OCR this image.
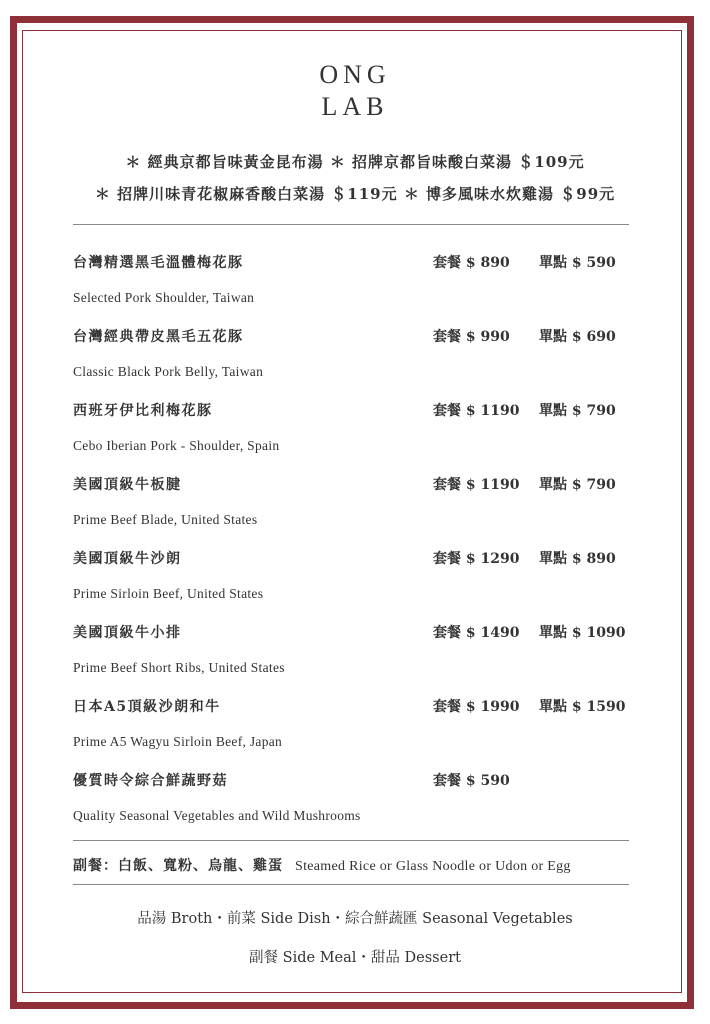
ONG
LAB
＊ 經典京都旨味黃金昆布湯 ＊ 招牌京都旨味酸白菜湯 ＄109元
＊ 招牌川味青花椒麻香酸白菜湯 ＄119元 ＊ 博多風味水炊雞湯 ＄99元
台灣精選黑毛溫體梅花豚	套餐 $ 890 單點 $ 590
Selected Pork Shoulder, Taiwan
台灣經典帶皮黑毛五花豚	套餐 $ 990 單點 $ 690
Classic Black Pork Belly, Taiwan
西班牙伊比利梅花豚	套餐 $ 1190 單點 $ 790
Cebo Iberian Pork - Shoulder, Spain
美國頂級牛板腱	套餐 $ 1190 單點 $ 790
Prime Beef Blade, United States
美國頂級牛沙朗	套餐 $ 1290 單點 $ 890
Prime Sirloin Beef, United States
美國頂級牛小排	套餐 $ 1490 單點 $ 1090
Prime Beef Short Ribs, United States
日本A5頂級沙朗和牛	套餐 $ 1990 單點 $ 1590
Prime A5 Wagyu Sirloin Beef, Japan
優質時令綜合鮮蔬野菇	套餐 $ 590
Quality Seasonal Vegetables and Wild Mushrooms
副餐：白飯、寬粉、烏龍、雞蛋 Steamed Rice or Glass Noodle or Udon or Egg
品湯 Broth・前菜 Side Dish・綜合鮮蔬匯 Seasonal Vegetables
副餐 Side Meal・甜品 Dessert
